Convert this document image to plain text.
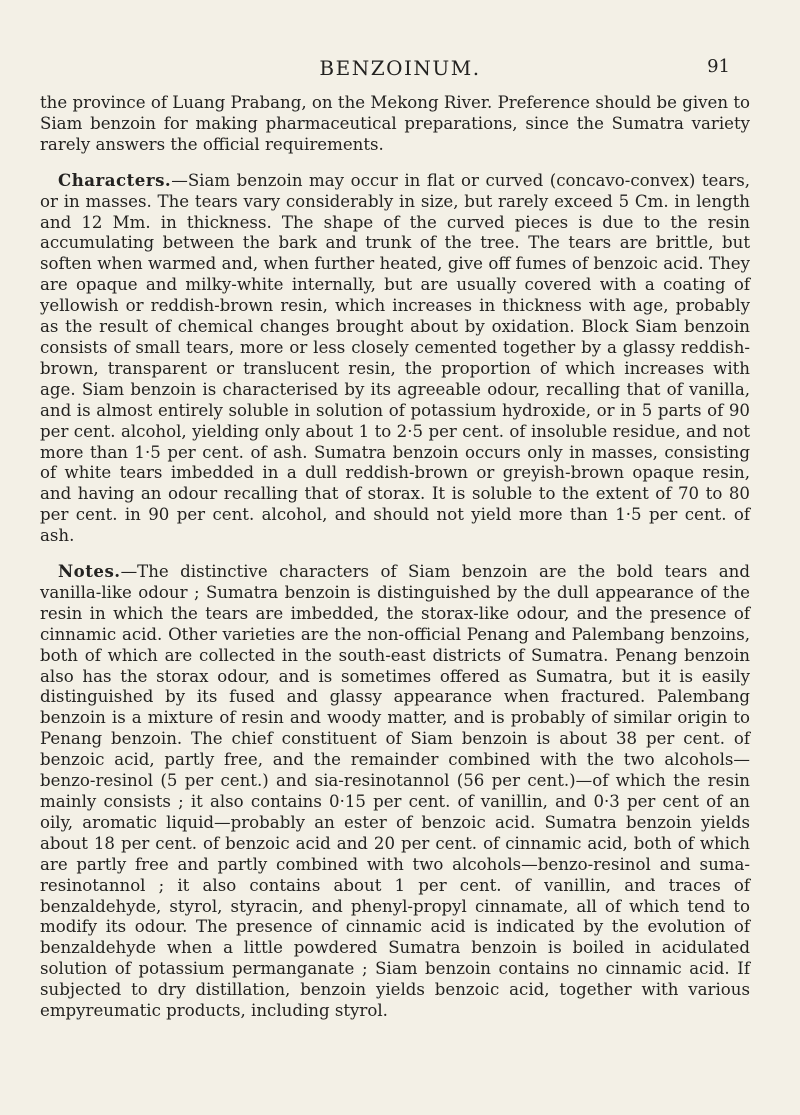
BENZOINUM.	91

the province of Luang Prabang, on the Mekong River. Preference should be given to Siam benzoin for making pharmaceutical preparations, since the Sumatra variety rarely answers the official requirements.

Characters.—Siam benzoin may occur in flat or curved (concavo-convex) tears, or in masses. The tears vary considerably in size, but rarely exceed 5 Cm. in length and 12 Mm. in thickness. The shape of the curved pieces is due to the resin accumulating between the bark and trunk of the tree. The tears are brittle, but soften when warmed and, when further heated, give off fumes of benzoic acid. They are opaque and milky-white internally, but are usually covered with a coating of yellowish or reddish-brown resin, which increases in thickness with age, probably as the result of chemical changes brought about by oxidation. Block Siam benzoin consists of small tears, more or less closely cemented together by a glassy reddish-brown, transparent or translucent resin, the proportion of which increases with age. Siam benzoin is characterised by its agreeable odour, recalling that of vanilla, and is almost entirely soluble in solution of potassium hydroxide, or in 5 parts of 90 per cent. alcohol, yielding only about 1 to 2·5 per cent. of insoluble residue, and not more than 1·5 per cent. of ash. Sumatra benzoin occurs only in masses, consisting of white tears imbedded in a dull reddish-brown or greyish-brown opaque resin, and having an odour recalling that of storax. It is soluble to the extent of 70 to 80 per cent. in 90 per cent. alcohol, and should not yield more than 1·5 per cent. of ash.

Notes.—The distinctive characters of Siam benzoin are the bold tears and vanilla-like odour ; Sumatra benzoin is distinguished by the dull appearance of the resin in which the tears are imbedded, the storax-like odour, and the presence of cinnamic acid. Other varieties are the non-official Penang and Palembang benzoins, both of which are collected in the south-east districts of Sumatra. Penang benzoin also has the storax odour, and is sometimes offered as Sumatra, but it is easily distinguished by its fused and glassy appearance when fractured. Palembang benzoin is a mixture of resin and woody matter, and is probably of similar origin to Penang benzoin. The chief constituent of Siam benzoin is about 38 per cent. of benzoic acid, partly free, and the remainder combined with the two alcohols—benzo-resinol (5 per cent.) and sia-resinotannol (56 per cent.)—of which the resin mainly consists ; it also contains 0·15 per cent. of vanillin, and 0·3 per cent of an oily, aromatic liquid—probably an ester of benzoic acid. Sumatra benzoin yields about 18 per cent. of benzoic acid and 20 per cent. of cinnamic acid, both of which are partly free and partly combined with two alcohols—benzo-resinol and suma-resinotannol ; it also contains about 1 per cent. of vanillin, and traces of benzaldehyde, styrol, styracin, and phenyl-propyl cinnamate, all of which tend to modify its odour. The presence of cinnamic acid is indicated by the evolution of benzaldehyde when a little powdered Sumatra benzoin is boiled in acidulated solution of potassium permanganate ; Siam benzoin contains no cinnamic acid. If subjected to dry distillation, benzoin yields benzoic acid, together with various empyreumatic products, including styrol.
